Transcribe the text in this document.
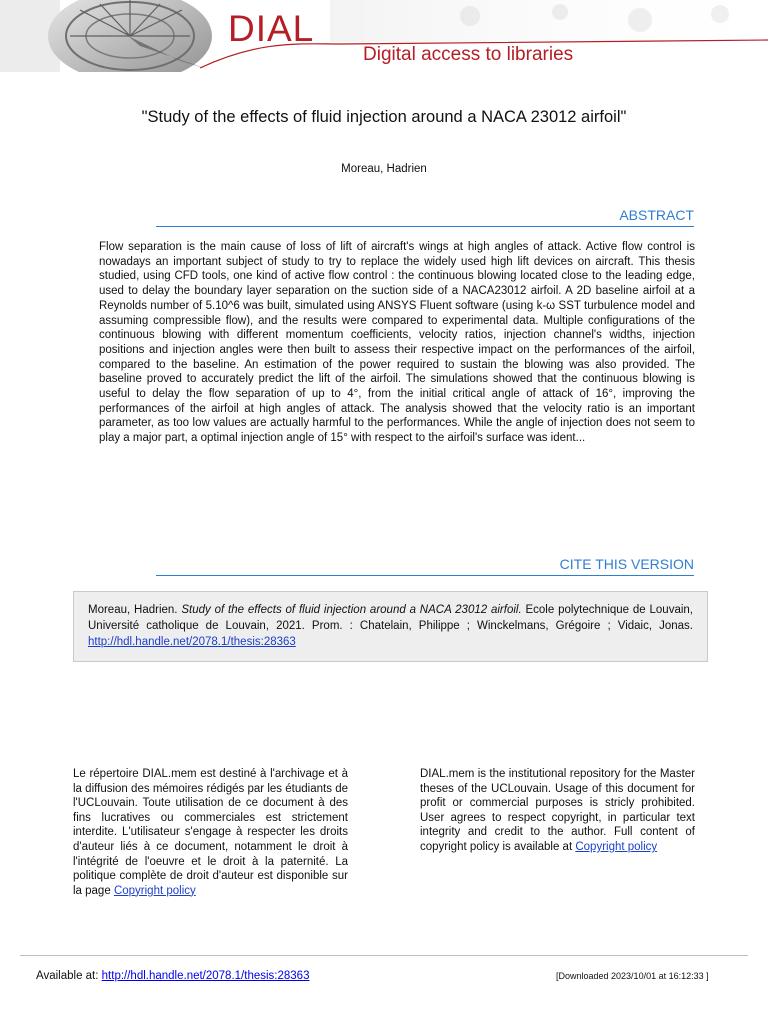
DIAL
Digital access to libraries
"Study of the effects of fluid injection around a NACA 23012 airfoil"
Moreau, Hadrien
ABSTRACT
Flow separation is the main cause of loss of lift of aircraft's wings at high angles of attack. Active flow control is nowadays an important subject of study to try to replace the widely used high lift devices on aircraft. This thesis studied, using CFD tools, one kind of active flow control : the continuous blowing located close to the leading edge, used to delay the boundary layer separation on the suction side of a NACA23012 airfoil. A 2D baseline airfoil at a Reynolds number of 5.10^6 was built, simulated using ANSYS Fluent software (using k-ω SST turbulence model and assuming compressible flow), and the results were compared to experimental data. Multiple configurations of the continuous blowing with different momentum coefficients, velocity ratios, injection channel's widths, injection positions and injection angles were then built to assess their respective impact on the performances of the airfoil, compared to the baseline. An estimation of the power required to sustain the blowing was also provided. The baseline proved to accurately predict the lift of the airfoil. The simulations showed that the continuous blowing is useful to delay the flow separation of up to 4°, from the initial critical angle of attack of 16°, improving the performances of the airfoil at high angles of attack. The analysis showed that the velocity ratio is an important parameter, as too low values are actually harmful to the performances. While the angle of injection does not seem to play a major part, a optimal injection angle of 15° with respect to the airfoil's surface was ident...
CITE THIS VERSION
Moreau, Hadrien. Study of the effects of fluid injection around a NACA 23012 airfoil. Ecole polytechnique de Louvain, Université catholique de Louvain, 2021. Prom. : Chatelain, Philippe ; Winckelmans, Grégoire ; Vidaic, Jonas. http://hdl.handle.net/2078.1/thesis:28363
Le répertoire DIAL.mem est destiné à l'archivage et à la diffusion des mémoires rédigés par les étudiants de l'UCLouvain. Toute utilisation de ce document à des fins lucratives ou commerciales est strictement interdite. L'utilisateur s'engage à respecter les droits d'auteur liés à ce document, notamment le droit à l'intégrité de l'oeuvre et le droit à la paternité. La politique complète de droit d'auteur est disponible sur la page Copyright policy
DIAL.mem is the institutional repository for the Master theses of the UCLouvain. Usage of this document for profit or commercial purposes is stricly prohibited. User agrees to respect copyright, in particular text integrity and credit to the author. Full content of copyright policy is available at Copyright policy
Available at: http://hdl.handle.net/2078.1/thesis:28363	[Downloaded 2023/10/01 at 16:12:33 ]
